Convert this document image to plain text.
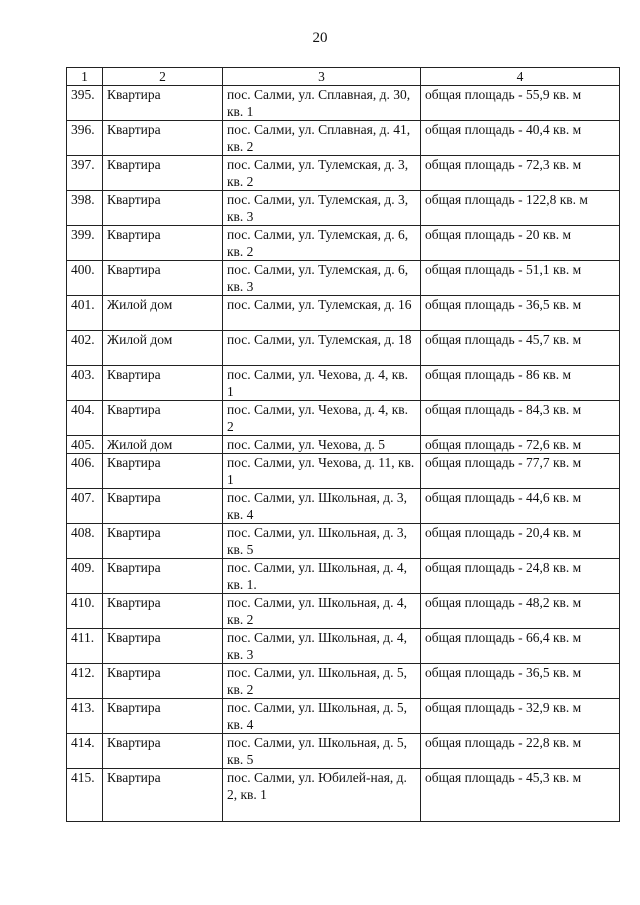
20
1	2	3	4
395.	Квартира	пос. Салми, ул. Сплавная, д. 30, кв. 1	общая площадь - 55,9 кв. м
396.	Квартира	пос. Салми, ул. Сплавная, д. 41, кв. 2	общая площадь - 40,4 кв. м
397.	Квартира	пос. Салми, ул. Тулемская, д. 3, кв. 2	общая площадь - 72,3 кв. м
398.	Квартира	пос. Салми, ул. Тулемская, д. 3, кв. 3	общая площадь - 122,8 кв. м
399.	Квартира	пос. Салми, ул. Тулемская, д. 6, кв. 2	общая площадь - 20 кв. м
400.	Квартира	пос. Салми, ул. Тулемская, д. 6, кв. 3	общая площадь - 51,1 кв. м
401.	Жилой дом	пос. Салми, ул. Тулемская, д. 16	общая площадь - 36,5 кв. м
402.	Жилой дом	пос. Салми, ул. Тулемская, д. 18	общая площадь - 45,7 кв. м
403.	Квартира	пос. Салми, ул. Чехова, д. 4, кв. 1	общая площадь - 86 кв. м
404.	Квартира	пос. Салми, ул. Чехова, д. 4, кв. 2	общая площадь - 84,3 кв. м
405.	Жилой дом	пос. Салми, ул. Чехова, д. 5	общая площадь - 72,6 кв. м
406.	Квартира	пос. Салми, ул. Чехова, д. 11, кв. 1	общая площадь - 77,7 кв. м
407.	Квартира	пос. Салми, ул. Школьная, д. 3, кв. 4	общая площадь - 44,6 кв. м
408.	Квартира	пос. Салми, ул. Школьная, д. 3, кв. 5	общая площадь - 20,4 кв. м
409.	Квартира	пос. Салми, ул. Школьная, д. 4, кв. 1.	общая площадь - 24,8 кв. м
410.	Квартира	пос. Салми, ул. Школьная, д. 4, кв. 2	общая площадь - 48,2 кв. м
411.	Квартира	пос. Салми, ул. Школьная, д. 4, кв. 3	общая площадь - 66,4 кв. м
412.	Квартира	пос. Салми, ул. Школьная, д. 5, кв. 2	общая площадь - 36,5 кв. м
413.	Квартира	пос. Салми, ул. Школьная, д. 5, кв. 4	общая площадь - 32,9 кв. м
414.	Квартира	пос. Салми, ул. Школьная, д. 5, кв. 5	общая площадь - 22,8 кв. м
415.	Квартира	пос. Салми, ул. Юбилей-ная, д. 2, кв. 1	общая площадь - 45,3 кв. м
